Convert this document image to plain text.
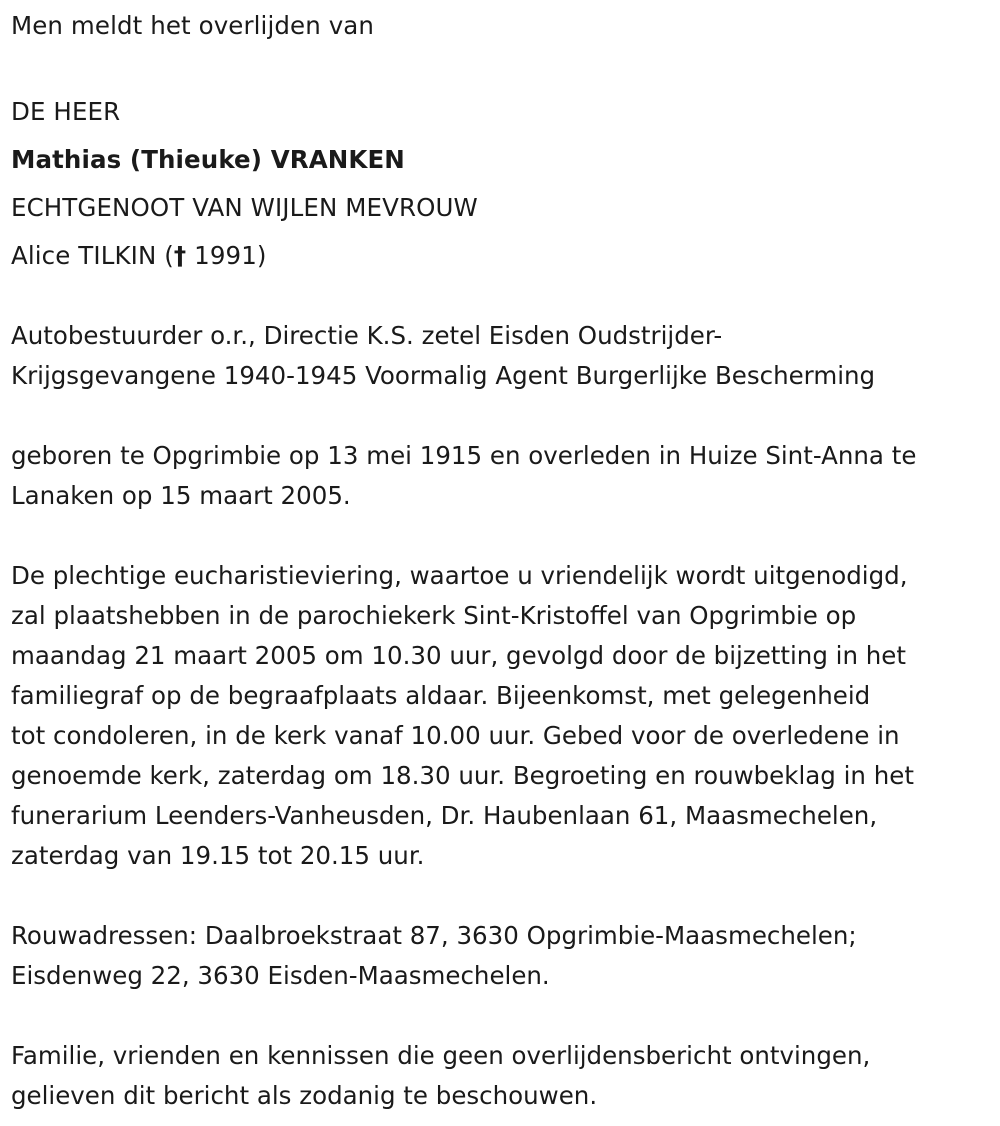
Men meldt het overlijden van
DE HEER
Mathias (Thieuke) VRANKEN
ECHTGENOOT VAN WIJLEN MEVROUW
Alice TILKIN († 1991)

Autobestuurder o.r., Directie K.S. zetel Eisden Oudstrijder-
Krijgsgevangene 1940-1945 Voormalig Agent Burgerlijke Bescherming

geboren te Opgrimbie op 13 mei 1915 en overleden in Huize Sint-Anna te
Lanaken op 15 maart 2005.

De plechtige eucharistieviering, waartoe u vriendelijk wordt uitgenodigd,
zal plaatshebben in de parochiekerk Sint-Kristoffel van Opgrimbie op
maandag 21 maart 2005 om 10.30 uur, gevolgd door de bijzetting in het
familiegraf op de begraafplaats aldaar. Bijeenkomst, met gelegenheid
tot condoleren, in de kerk vanaf 10.00 uur. Gebed voor de overledene in
genoemde kerk, zaterdag om 18.30 uur. Begroeting en rouwbeklag in het
funerarium Leenders-Vanheusden, Dr. Haubenlaan 61, Maasmechelen,
zaterdag van 19.15 tot 20.15 uur.

Rouwadressen: Daalbroekstraat 87, 3630 Opgrimbie-Maasmechelen;
Eisdenweg 22, 3630 Eisden-Maasmechelen.

Familie, vrienden en kennissen die geen overlijdensbericht ontvingen,
gelieven dit bericht als zodanig te beschouwen.
